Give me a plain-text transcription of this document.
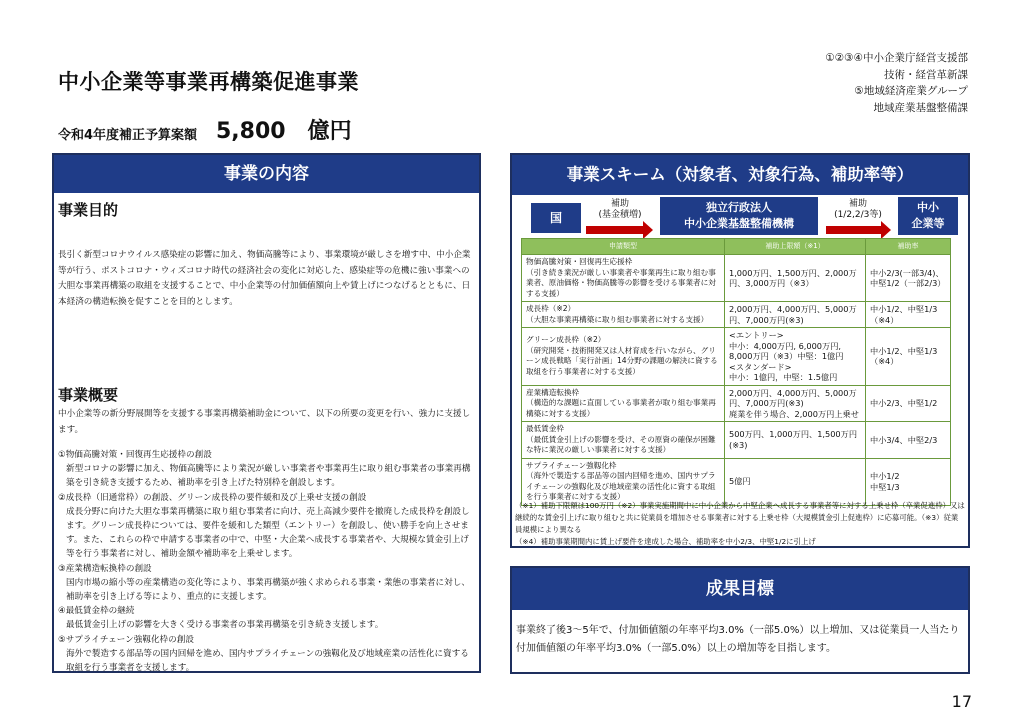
中小企業等事業再構築促進事業
令和4年度補正予算案額 5,800　億円
①②③④中小企業庁経営支援部
技術・経営革新課
⑤地域経済産業グループ
地域産業基盤整備課
事業の内容
事業目的
長引く新型コロナウイルス感染症の影響に加え、物価高騰等により、事業環境が厳しさを増す中、中小企業等が行う、ポストコロナ・ウィズコロナ時代の経済社会の変化に対応した、感染症等の危機に強い事業への大胆な事業再構築の取組を支援することで、中小企業等の付加価値額向上や賃上げにつなげるとともに、日本経済の構造転換を促すことを目的とします。
事業概要
中小企業等の新分野展開等を支援する事業再構築補助金について、以下の所要の変更を行い、強力に支援します。
①物価高騰対策・回復再生応援枠の創設
新型コロナの影響に加え、物価高騰等により業況が厳しい事業者や事業再生に取り組む事業者の事業再構築を引き続き支援するため、補助率を引き上げた特別枠を創設します。
②成長枠（旧通常枠）の創設、グリーン成長枠の要件緩和及び上乗せ支援の創設
成長分野に向けた大胆な事業再構築に取り組む事業者に向け、売上高減少要件を撤廃した成長枠を創設します。グリーン成長枠については、要件を緩和した類型（エントリー）を創設し、使い勝手を向上させます。また、これらの枠で申請する事業者の中で、中堅・大企業へ成長する事業者や、大規模な賃金引上げ等を行う事業者に対し、補助金額や補助率を上乗せします。
③産業構造転換枠の創設
国内市場の縮小等の産業構造の変化等により、事業再構築が強く求められる事業・業態の事業者に対し、補助率を引き上げる等により、重点的に支援します。
④最低賃金枠の継続
最低賃金引上げの影響を大きく受ける事業者の事業再構築を引き続き支援します。
⑤サプライチェーン強靱化枠の創設
海外で製造する部品等の国内回帰を進め、国内サプライチェーンの強靱化及び地域産業の活性化に資する取組を行う事業者を支援します。
事業スキーム（対象者、対象行為、補助率等）
国
補助
(基金積増)
独立行政法人
中小企業基盤整備機構
補助
(1/2,2/3等)
中小
企業等
申請類型	補助上限額（※1）	補助率
物価高騰対策・回復再生応援枠
（引き続き業況が厳しい事業者や事業再生に取り組む事業者、原油価格・物価高騰等の影響を受ける事業者に対する支援）	1,000万円、1,500万円、2,000万円、3,000万円（※3）	中小2/3(一部3/4)、中堅1/2（一部2/3）
成長枠（※2）
（大胆な事業再構築に取り組む事業者に対する支援）	2,000万円、4,000万円、5,000万円、7,000万円(※3)	中小1/2、中堅1/3（※4）
グリーン成長枠（※2）
（研究開発・技術開発又は人材育成を行いながら、グリーン成長戦略「実行計画」14分野の課題の解決に資する取組を行う事業者に対する支援）	<エントリー>
中小：4,000万円, 6,000万円, 8,000万円（※3）中堅：1億円
<スタンダード>
中小：1億円，中堅：1.5億円	中小1/2、中堅1/3（※4）
産業構造転換枠
（構造的な課題に直面している事業者が取り組む事業再構築に対する支援）	2,000万円、4,000万円、5,000万円、7,000万円(※3)
廃業を伴う場合、2,000万円上乗せ	中小2/3、中堅1/2
最低賃金枠
（最低賃金引上げの影響を受け、その原資の確保が困難な特に業況の厳しい事業者に対する支援）	500万円、1,000万円、1,500万円(※3)	中小3/4、中堅2/3
サプライチェーン強靱化枠
（海外で製造する部品等の国内回帰を進め、国内サプライチェーンの強靱化及び地域産業の活性化に資する取組を行う事業者に対する支援）	5億円	中小1/2
中堅1/3
（※1）補助下限額は100万円（※2）事業実施期間中に中小企業から中堅企業へ成長する事業者等に対する上乗せ枠（卒業促進枠）又は継続的な賃金引上げに取り組むと共に従業員を増加させる事業者に対する上乗せ枠（大規模賃金引上促進枠）に応募可能。（※3）従業員規模により異なる
（※4）補助事業期間内に賃上げ要件を達成した場合、補助率を中小2/3、中堅1/2に引上げ
成果目標
事業終了後3～5年で、付加価値額の年率平均3.0%（一部5.0%）以上増加、又は従業員一人当たり付加価値額の年率平均3.0%（一部5.0%）以上の増加等を目指します。
17
